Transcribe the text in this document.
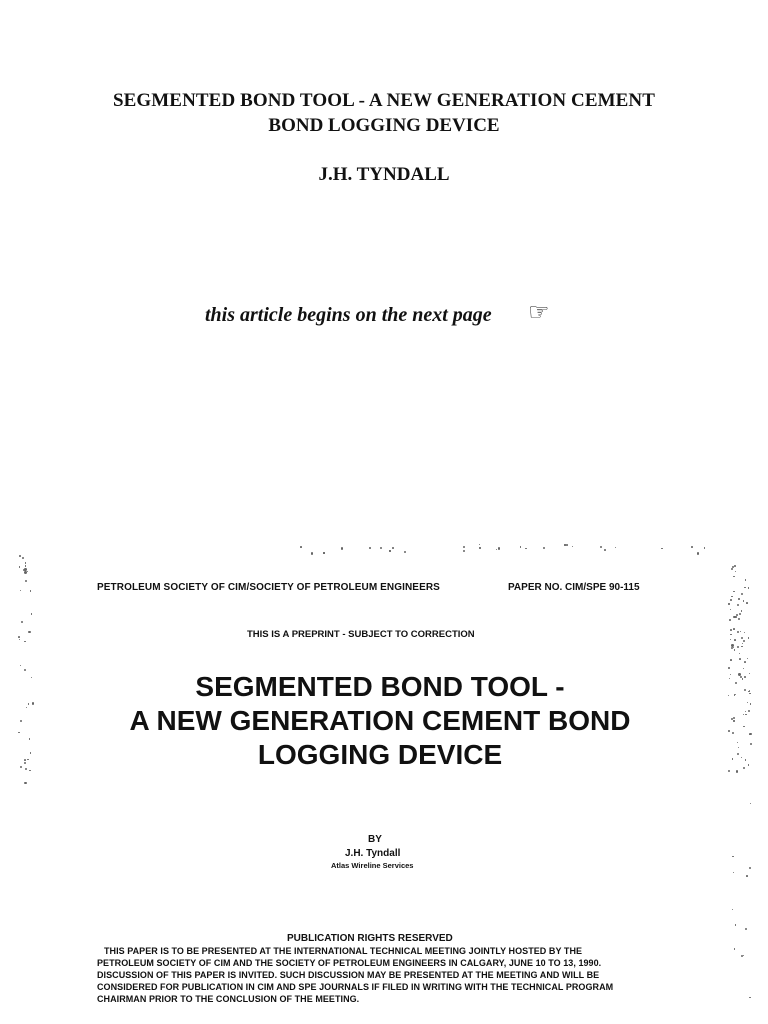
SEGMENTED BOND TOOL - A NEW GENERATION CEMENT
BOND LOGGING DEVICE
J.H. TYNDALL
this article begins on the next page ☞
PETROLEUM SOCIETY OF CIM/SOCIETY OF PETROLEUM ENGINEERS	PAPER NO. CIM/SPE 90-115
THIS IS A PREPRINT - SUBJECT TO CORRECTION
SEGMENTED BOND TOOL -
A NEW GENERATION CEMENT BOND
LOGGING DEVICE
BY
J.H. Tyndall
Atlas Wireline Services
PUBLICATION RIGHTS RESERVED
THIS PAPER IS TO BE PRESENTED AT THE INTERNATIONAL TECHNICAL MEETING JOINTLY HOSTED BY THE
PETROLEUM SOCIETY OF CIM AND THE SOCIETY OF PETROLEUM ENGINEERS IN CALGARY, JUNE 10 TO 13, 1990.
DISCUSSION OF THIS PAPER IS INVITED. SUCH DISCUSSION MAY BE PRESENTED AT THE MEETING AND WILL BE
CONSIDERED FOR PUBLICATION IN CIM AND SPE JOURNALS IF FILED IN WRITING WITH THE TECHNICAL PROGRAM
CHAIRMAN PRIOR TO THE CONCLUSION OF THE MEETING.
